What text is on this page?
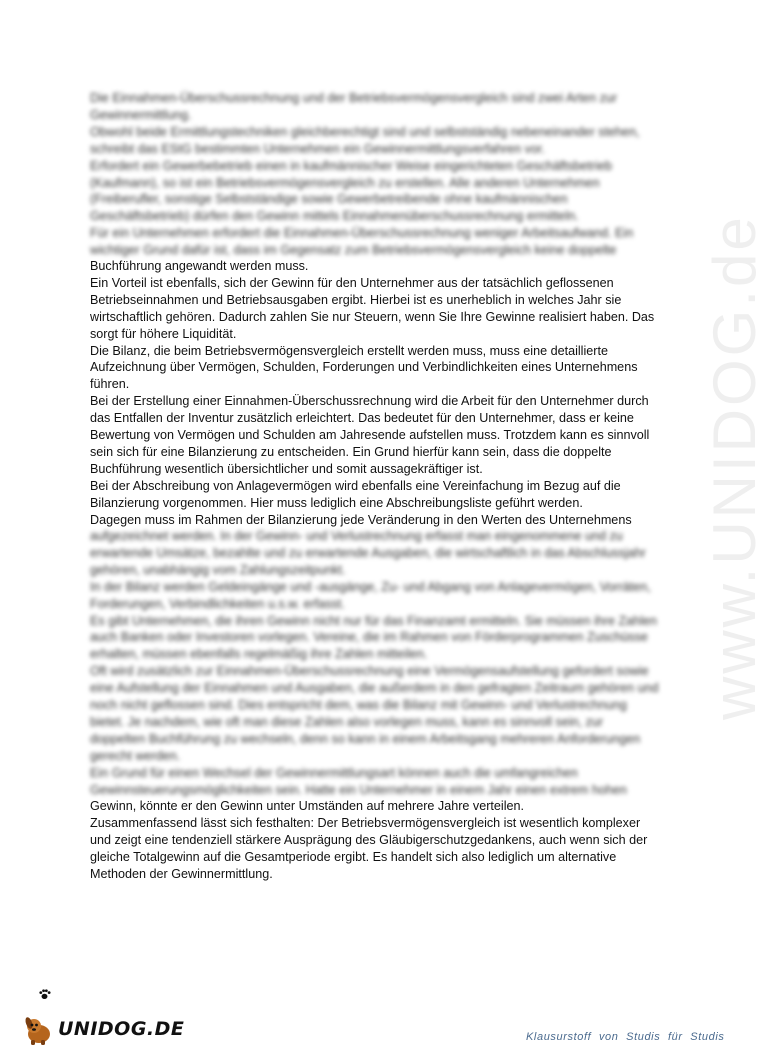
www.UNIDOG.de

Die Einnahmen-Überschussrechnung und der Betriebsvermögensvergleich sind zwei Arten zur Gewinnermittlung.

Obwohl beide Ermittlungstechniken gleichberechtigt sind und selbstständig nebeneinander stehen, schreibt das EStG bestimmten Unternehmen ein Gewinnermittlungsverfahren vor.

Erfordert ein Gewerbebetrieb einen in kaufmännischer Weise eingerichteten Geschäftsbetrieb (Kaufmann), so ist ein Betriebsvermögensvergleich zu erstellen. Alle anderen Unternehmen (Freiberufler, sonstige Selbstständige sowie Gewerbetreibende ohne kaufmännischen Geschäftsbetrieb) dürfen den Gewinn mittels Einnahmenüberschussrechnung ermitteln.

Für ein Unternehmen erfordert die Einnahmen-Überschussrechnung weniger Arbeitsaufwand. Ein wichtiger Grund dafür ist, dass im Gegensatz zum Betriebsvermögensvergleich keine doppelte

Buchführung angewandt werden muss.

Ein Vorteil ist ebenfalls, sich der Gewinn für den Unternehmer aus der tatsächlich geflossenen Betriebseinnahmen und Betriebsausgaben ergibt. Hierbei ist es unerheblich in welches Jahr sie wirtschaftlich gehören. Dadurch zahlen Sie nur Steuern, wenn Sie Ihre Gewinne realisiert haben. Das sorgt für höhere Liquidität.

Die Bilanz, die beim Betriebsvermögensvergleich erstellt werden muss, muss eine detaillierte Aufzeichnung über Vermögen, Schulden, Forderungen und Verbindlichkeiten eines Unternehmens führen.

Bei der Erstellung einer Einnahmen-Überschussrechnung wird die Arbeit für den Unternehmer durch das Entfallen der Inventur zusätzlich erleichtert. Das bedeutet für den Unternehmer, dass er keine Bewertung von Vermögen und Schulden am Jahresende aufstellen muss. Trotzdem kann es sinnvoll sein sich für eine Bilanzierung zu entscheiden. Ein Grund hierfür kann sein, dass die doppelte Buchführung wesentlich übersichtlicher und somit aussagekräftiger ist.

Bei der Abschreibung von Anlagevermögen wird ebenfalls eine Vereinfachung im Bezug auf die Bilanzierung vorgenommen. Hier muss lediglich eine Abschreibungsliste geführt werden.

Dagegen muss im Rahmen der Bilanzierung jede Veränderung in den Werten des Unternehmens

aufgezeichnet werden. In der Gewinn- und Verlustrechnung erfasst man eingenommene und zu erwartende Umsätze, bezahlte und zu erwartende Ausgaben, die wirtschaftlich in das Abschlussjahr gehören, unabhängig vom Zahlungszeitpunkt.

In der Bilanz werden Geldeingänge und -ausgänge, Zu- und Abgang von Anlagevermögen, Vorräten, Forderungen, Verbindlichkeiten u.s.w. erfasst.

Es gibt Unternehmen, die ihren Gewinn nicht nur für das Finanzamt ermitteln. Sie müssen ihre Zahlen auch Banken oder Investoren vorlegen. Vereine, die im Rahmen von Förderprogrammen Zuschüsse erhalten, müssen ebenfalls regelmäßig ihre Zahlen mitteilen.

Oft wird zusätzlich zur Einnahmen-Überschussrechnung eine Vermögensaufstellung gefordert sowie eine Aufstellung der Einnahmen und Ausgaben, die außerdem in den gefragten Zeitraum gehören und noch nicht geflossen sind. Dies entspricht dem, was die Bilanz mit Gewinn- und Verlustrechnung bietet. Je nachdem, wie oft man diese Zahlen also vorlegen muss, kann es sinnvoll sein, zur doppelten Buchführung zu wechseln, denn so kann in einem Arbeitsgang mehreren Anforderungen gerecht werden.

Ein Grund für einen Wechsel der Gewinnermittlungsart können auch die umfangreichen Gewinnsteuerungsmöglichkeiten sein. Hatte ein Unternehmer in einem Jahr einen extrem hohen

Gewinn, könnte er den Gewinn unter Umständen auf mehrere Jahre verteilen.

Zusammenfassend lässt sich festhalten: Der Betriebsvermögensvergleich ist wesentlich komplexer und zeigt eine tendenziell stärkere Ausprägung des Gläubigerschutzgedankens, auch wenn sich der gleiche Totalgewinn auf die Gesamtperiode ergibt. Es handelt sich also lediglich um alternative Methoden der Gewinnermittlung.

UNIDOG.DE	Klausurstoff von Studis für Studis
